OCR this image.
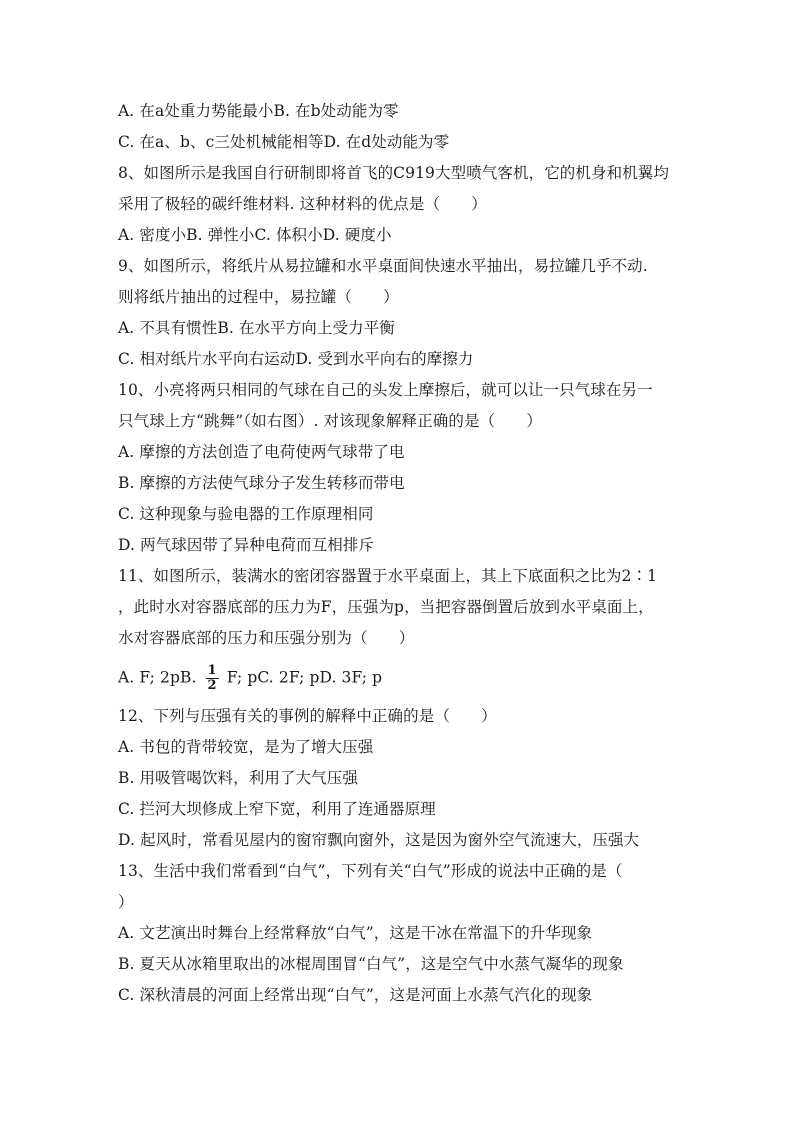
A. 在a处重力势能最小B. 在b处动能为零
C. 在a、b、c三处机械能相等D. 在d处动能为零
8、如图所示是我国自行研制即将首飞的C919大型喷气客机，它的机身和机翼均
采用了极轻的碳纤维材料. 这种材料的优点是（　　）
A. 密度小B. 弹性小C. 体积小D. 硬度小
9、如图所示，将纸片从易拉罐和水平桌面间快速水平抽出，易拉罐几乎不动.
则将纸片抽出的过程中，易拉罐（　　）
A. 不具有惯性B. 在水平方向上受力平衡
C. 相对纸片水平向右运动D. 受到水平向右的摩擦力
10、小亮将两只相同的气球在自己的头发上摩擦后，就可以让一只气球在另一
只气球上方“跳舞”（如右图）. 对该现象解释正确的是（　　）
A. 摩擦的方法创造了电荷使两气球带了电
B. 摩擦的方法使气球分子发生转移而带电
C. 这种现象与验电器的工作原理相同
D. 两气球因带了异种电荷而互相排斥
11、如图所示，装满水的密闭容器置于水平桌面上，其上下底面积之比为2∶1
，此时水对容器底部的压力为F，压强为p，当把容器倒置后放到水平桌面上，
水对容器底部的压力和压强分别为（　　）
A. F; 2pB. $\frac{1}{2} F$; pC. 2F; pD. 3F; p
12、下列与压强有关的事例的解释中正确的是（　　）
A. 书包的背带较宽，是为了增大压强
B. 用吸管喝饮料，利用了大气压强
C. 拦河大坝修成上窄下宽，利用了连通器原理
D. 起风时，常看见屋内的窗帘飘向窗外，这是因为窗外空气流速大，压强大
13、生活中我们常看到“白气”，下列有关“白气”形成的说法中正确的是（
）
A. 文艺演出时舞台上经常释放“白气”，这是干冰在常温下的升华现象
B. 夏天从冰箱里取出的冰棍周围冒“白气”，这是空气中水蒸气凝华的现象
C. 深秋清晨的河面上经常出现“白气”，这是河面上水蒸气汽化的现象
